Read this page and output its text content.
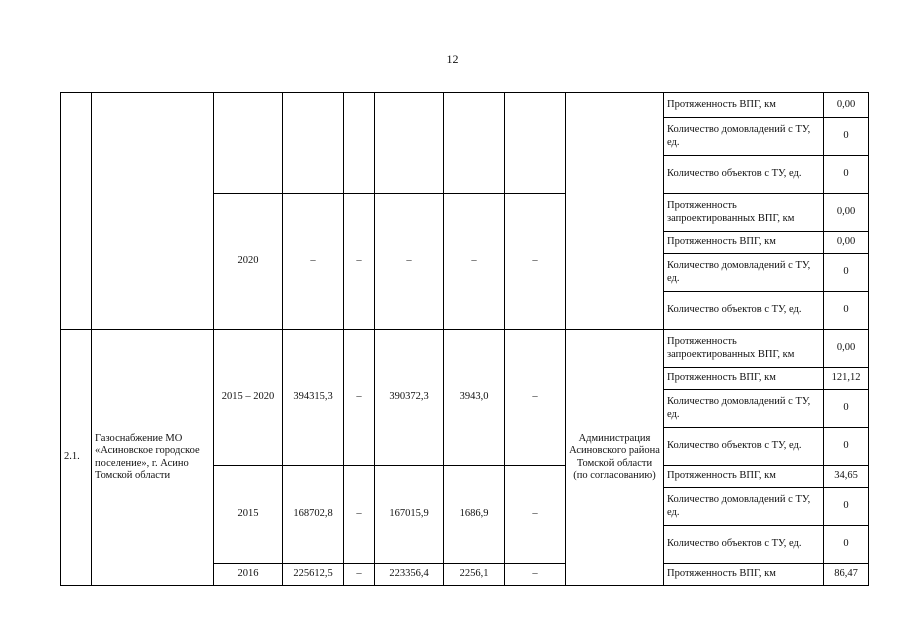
12
									Протяженность ВПГ, км	0,00
									Количество домовладений с ТУ, ед.	0
									Количество объектов с ТУ, ед.	0
		2020	–	–	–	–	–		Протяженность запроектированных ВПГ, км	0,00
									Протяженность ВПГ, км	0,00
									Количество домовладений с ТУ, ед.	0
									Количество объектов с ТУ, ед.	0
2.1.	Газоснабжение МО «Асиновское городское поселение», г. Асино Томской области	2015 – 2020	394315,3	–	390372,3	3943,0	–	Администрация Асиновского района Томской области (по согласованию)	Протяженность запроектированных ВПГ, км	0,00
									Протяженность ВПГ, км	121,12
									Количество домовладений с ТУ, ед.	0
									Количество объектов с ТУ, ед.	0
		2015	168702,8	–	167015,9	1686,9	–		Протяженность ВПГ, км	34,65
									Количество домовладений с ТУ, ед.	0
									Количество объектов с ТУ, ед.	0
		2016	225612,5	–	223356,4	2256,1	–		Протяженность ВПГ, км	86,47
